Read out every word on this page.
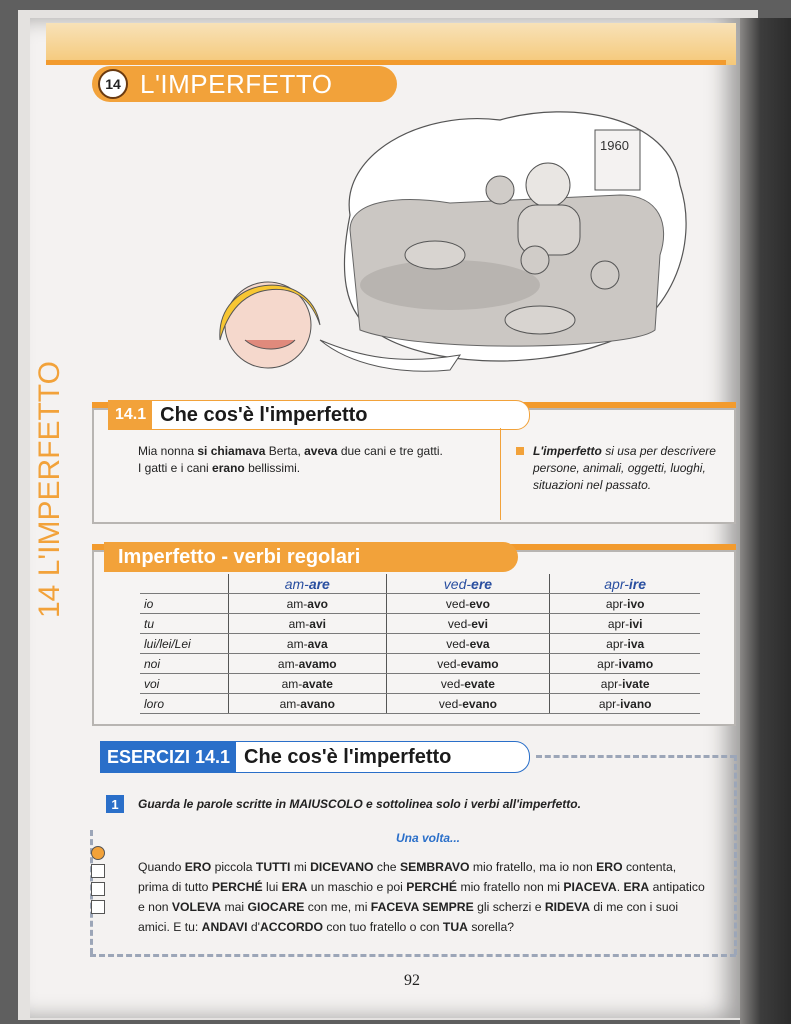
14 L'IMPERFETTO
14 L'IMPERFETTO
1960
14.1 Che cos'è l'imperfetto
Mia nonna si chiamava Berta, aveva due cani e tre gatti.
I gatti e i cani erano bellissimi.
L'imperfetto si usa per descrivere persone, animali, oggetti, luoghi, situazioni nel passato.
Imperfetto - verbi regolari
	am-are	ved-ere	apr-ire
io	am-avo	ved-evo	apr-ivo
tu	am-avi	ved-evi	apr-ivi
lui/lei/Lei	am-ava	ved-eva	apr-iva
noi	am-avamo	ved-evamo	apr-ivamo
voi	am-avate	ved-evate	apr-ivate
loro	am-avano	ved-evano	apr-ivano
ESERCIZI 14.1 Che cos'è l'imperfetto
1	Guarda le parole scritte in MAIUSCOLO e sottolinea solo i verbi all'imperfetto.
Una volta...
Quando ERO piccola TUTTI mi DICEVANO che SEMBRAVO mio fratello, ma io non ERO contenta, prima di tutto PERCHÉ lui ERA un maschio e poi PERCHÉ mio fratello non mi PIACEVA. ERA antipatico e non VOLEVA mai GIOCARE con me, mi FACEVA SEMPRE gli scherzi e RIDEVA di me con i suoi amici. E tu: ANDAVI d'ACCORDO con tuo fratello o con TUA sorella?
92
